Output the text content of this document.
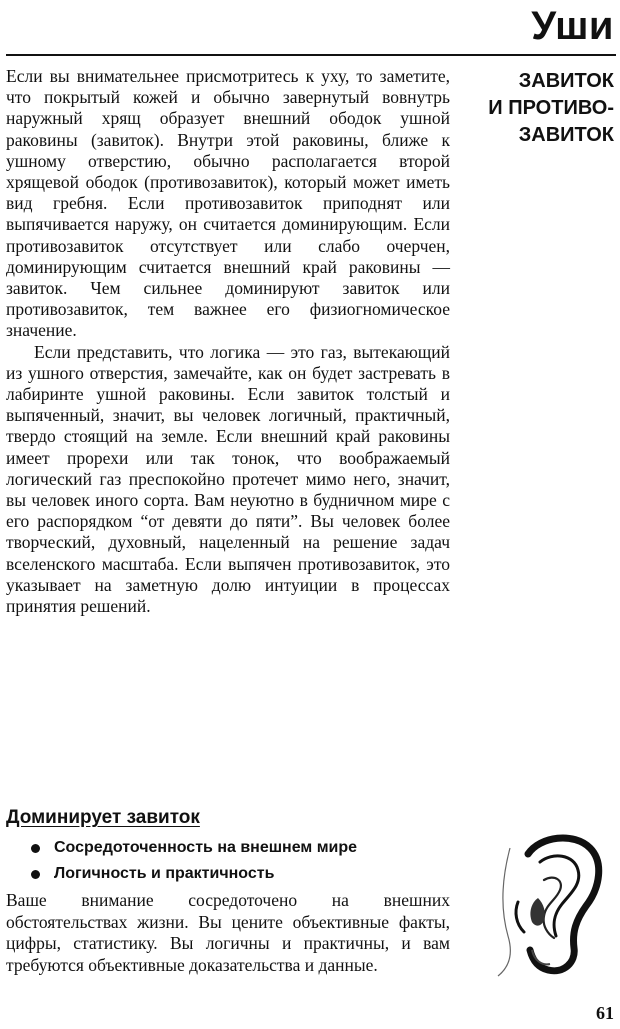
Уши
ЗАВИТОК
И ПРОТИВО-
ЗАВИТОК

Если вы внимательнее присмотритесь к уху, то заметите, что покрытый кожей и обычно завернутый вовнутрь наружный хрящ образует внешний ободок ушной раковины (завиток). Внутри этой раковины, ближе к ушному отверстию, обычно располагается второй хрящевой ободок (противозавиток), который может иметь вид гребня. Если противозавиток приподнят или выпячивается наружу, он считается доминирующим. Если противозавиток отсутствует или слабо очерчен, доминирующим считается внешний край раковины — завиток. Чем сильнее доминируют завиток или противозавиток, тем важнее его физиогномическое значение.

Если представить, что логика — это газ, вытекающий из ушного отверстия, замечайте, как он будет застревать в лабиринте ушной раковины. Если завиток толстый и выпяченный, значит, вы человек логичный, практичный, твердо стоящий на земле. Если внешний край раковины имеет прорехи или так тонок, что воображаемый логический газ преспокойно протечет мимо него, значит, вы человек иного сорта. Вам неуютно в будничном мире с его распорядком “от девяти до пяти”. Вы человек более творческий, духовный, нацеленный на решение задач вселенского масштаба. Если выпячен противозавиток, это указывает на заметную долю интуиции в процессах принятия решений.

Доминирует завиток
Сосредоточенность на внешнем мире
Логичность и практичность

Ваше внимание сосредоточено на внешних обстоятельствах жизни. Вы цените объективные факты, цифры, статистику. Вы логичны и практичны, и вам требуются объективные доказательства и данные.

61
